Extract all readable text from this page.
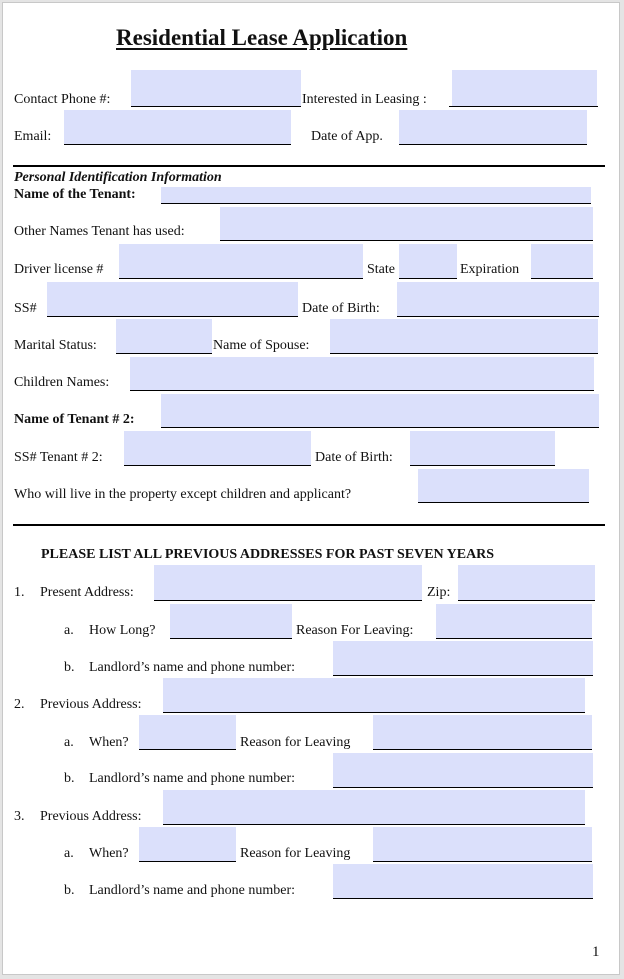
Residential Lease Application
Contact Phone #:	Interested in Leasing :
Email:	Date of App.
Personal Identification Information
Name of the Tenant:
Other Names Tenant has used:
Driver license #	State	Expiration
SS#	Date of Birth:
Marital Status:	Name of Spouse:
Children Names:
Name of Tenant # 2:
SS# Tenant # 2:	Date of Birth:
Who will live in the property except children and applicant?
PLEASE LIST ALL PREVIOUS ADDRESSES FOR PAST SEVEN YEARS
1. Present Address:	Zip:
a. How Long?	Reason For Leaving:
b. Landlord’s name and phone number:
2. Previous Address:
a. When?	Reason for Leaving
b. Landlord’s name and phone number:
3. Previous Address:
a. When?	Reason for Leaving
b. Landlord’s name and phone number:
1
